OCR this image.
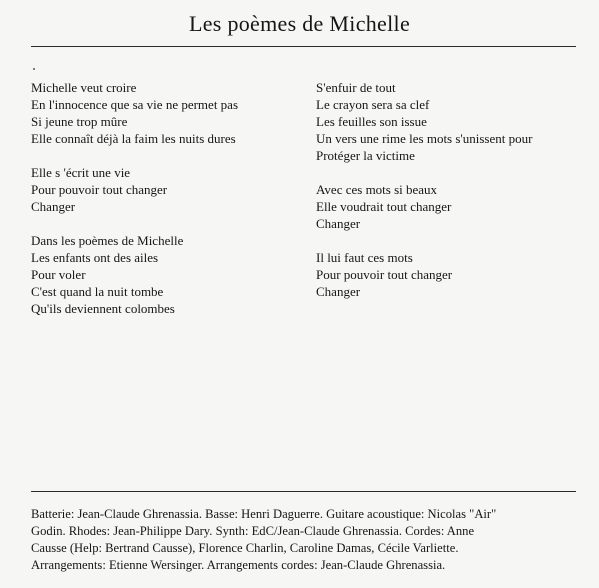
Les poèmes de Michelle
Michelle veut croire
En l'innocence que sa vie ne permet pas
Si jeune trop mûre
Elle connaît déjà la faim les nuits dures
Elle s 'écrit une vie
Pour pouvoir tout changer
Changer
Dans les poèmes de Michelle
Les enfants ont des ailes
Pour voler
C'est quand la nuit tombe
Qu'ils deviennent colombes
S'enfuir de tout
Le crayon sera sa clef
Les feuilles son issue
Un vers une rime les mots s'unissent pour
Protéger la victime
Avec ces mots si beaux
Elle voudrait tout changer
Changer
Il lui faut ces mots
Pour pouvoir tout changer
Changer
Batterie: Jean-Claude Ghrenassia. Basse: Henri Daguerre. Guitare acoustique: Nicolas "Air"
Godin. Rhodes: Jean-Philippe Dary. Synth: EdC/Jean-Claude Ghrenassia. Cordes: Anne
Causse (Help: Bertrand Causse), Florence Charlin, Caroline Damas, Cécile Varliette.
Arrangements: Etienne Wersinger. Arrangements cordes: Jean-Claude Ghrenassia.
